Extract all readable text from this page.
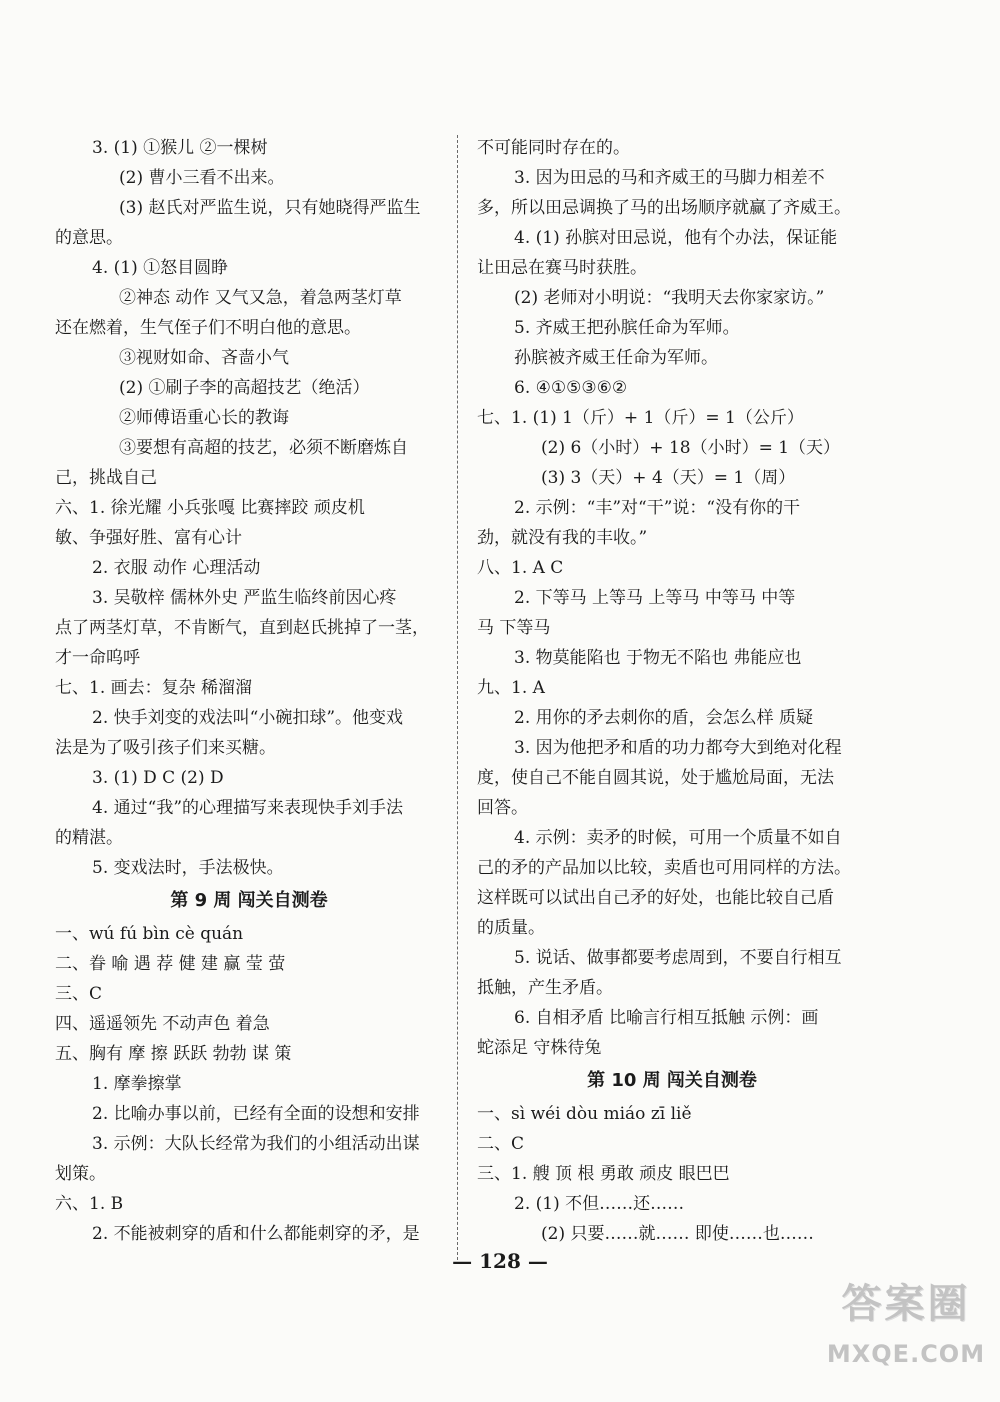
3. (1) ①猴儿 ②一棵树
(2) 曹小三看不出来。
(3) 赵氏对严监生说，只有她晓得严监生
的意思。
4. (1) ①怒目圆睁
②神态 动作 又气又急，着急两茎灯草
还在燃着，生气侄子们不明白他的意思。
③视财如命、吝啬小气
(2) ①刷子李的高超技艺（绝活）
②师傅语重心长的教诲
③要想有高超的技艺，必须不断磨炼自
己，挑战自己
六、1. 徐光耀 小兵张嘎 比赛摔跤 顽皮机
敏、争强好胜、富有心计
2. 衣服 动作 心理活动
3. 吴敬梓 儒林外史 严监生临终前因心疼
点了两茎灯草，不肯断气，直到赵氏挑掉了一茎，
才一命呜呼
七、1. 画去：复杂 稀溜溜
2. 快手刘变的戏法叫“小碗扣球”。他变戏
法是为了吸引孩子们来买糖。
3. (1) D C (2) D
4. 通过“我”的心理描写来表现快手刘手法
的精湛。
5. 变戏法时，手法极快。
第 9 周 闯关自测卷
一、wú fú bìn cè quán
二、眷 喻 遇 荐 健 建 赢 莹 萤
三、C
四、遥遥领先 不动声色 着急
五、胸有 摩 擦 跃跃 勃勃 谋 策
1. 摩拳擦掌
2. 比喻办事以前，已经有全面的设想和安排
3. 示例：大队长经常为我们的小组活动出谋
划策。
六、1. B
2. 不能被刺穿的盾和什么都能刺穿的矛，是
不可能同时存在的。
3. 因为田忌的马和齐威王的马脚力相差不
多，所以田忌调换了马的出场顺序就赢了齐威王。
4. (1) 孙膑对田忌说，他有个办法，保证能
让田忌在赛马时获胜。
(2) 老师对小明说：“我明天去你家家访。”
5. 齐威王把孙膑任命为军师。
孙膑被齐威王任命为军师。
6. ④①⑤③⑥②
七、1. (1) 1（斤）+ 1（斤）= 1（公斤）
(2) 6（小时）+ 18（小时）= 1（天）
(3) 3（天）+ 4（天）= 1（周）
2. 示例：“丰”对“干”说：“没有你的干
劲，就没有我的丰收。”
八、1. A C
2. 下等马 上等马 上等马 中等马 中等
马 下等马
3. 物莫能陷也 于物无不陷也 弗能应也
九、1. A
2. 用你的矛去刺你的盾，会怎么样 质疑
3. 因为他把矛和盾的功力都夸大到绝对化程
度，使自己不能自圆其说，处于尴尬局面，无法
回答。
4. 示例：卖矛的时候，可用一个质量不如自
己的矛的产品加以比较，卖盾也可用同样的方法。
这样既可以试出自己矛的好处，也能比较自己盾
的质量。
5. 说话、做事都要考虑周到，不要自行相互
抵触，产生矛盾。
6. 自相矛盾 比喻言行相互抵触 示例：画
蛇添足 守株待兔
第 10 周 闯关自测卷
一、sì wéi dòu miáo zī liě
二、C
三、1. 艘 顶 根 勇敢 顽皮 眼巴巴
2. (1) 不但……还……
(2) 只要……就…… 即使……也……
— 128 —
答案圈
MXQE.COM
